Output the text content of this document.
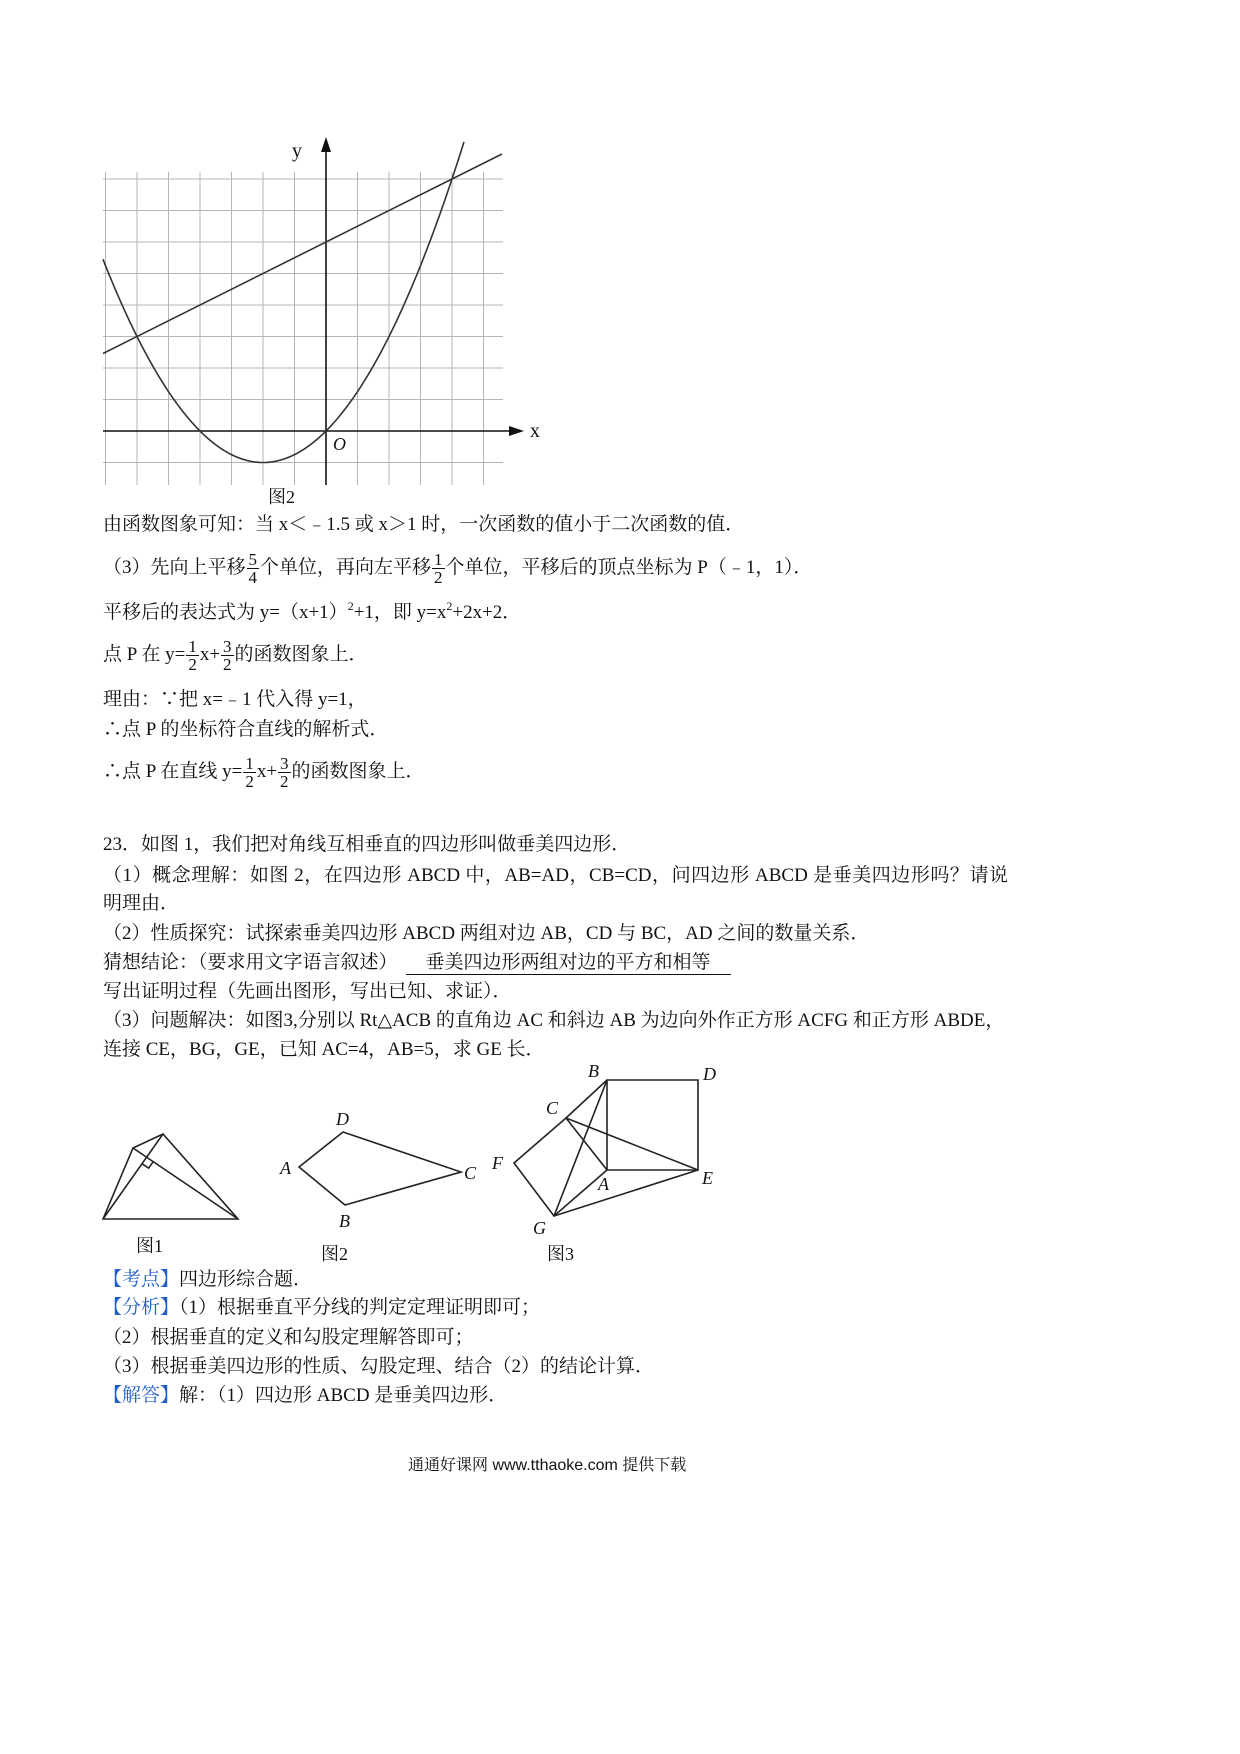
y
x
O
图2
由函数图象可知：当 x＜﹣1.5 或 x＞1 时，一次函数的值小于二次函数的值．
（3）先向上平移 $\frac{5}{4}$ 个单位，再向左平移 $\frac{1}{2}$ 个单位，平移后的顶点坐标为 P（﹣1，1）．
平移后的表达式为 $y=(x+1)^2+1$，即 $y=x^2+2x+2$．
点 P 在 $y= \frac{1}{2} x+ \frac{3}{2}$ 的函数图象上．
理由：∵把 x=﹣1 代入得 y=1，
∴点 P 的坐标符合直线的解析式．
∴点 P 在直线 $y= \frac{1}{2} x+ \frac{3}{2}$ 的函数图象上．
23．如图 1，我们把对角线互相垂直的四边形叫做垂美四边形．
（1）概念理解：如图 2，在四边形 ABCD 中，AB=AD，CB=CD，问四边形 ABCD 是垂美四边形吗？请说
明理由．
（2）性质探究：试探索垂美四边形 ABCD 两组对边 AB，CD 与 BC，AD 之间的数量关系．
猜想结论：（要求用文字语言叙述） 垂美四边形两组对边的平方和相等
写出证明过程（先画出图形，写出已知、求证）．
（3）问题解决：如图3,分别以 Rt△ACB 的直角边 AC 和斜边 AB 为边向外作正方形 ACFG 和正方形 ABDE，
连接 CE，BG，GE，已知 AC=4，AB=5，求 GE 长．
图1
D
A	C
B
图2
B	D
C
F
A	E
G
图3
【考点】四边形综合题．
【分析】（1）根据垂直平分线的判定定理证明即可；
（2）根据垂直的定义和勾股定理解答即可；
（3）根据垂美四边形的性质、勾股定理、结合（2）的结论计算．
【解答】解：（1）四边形 ABCD 是垂美四边形．
通通好课网 www.tthaoke.com 提供下载
